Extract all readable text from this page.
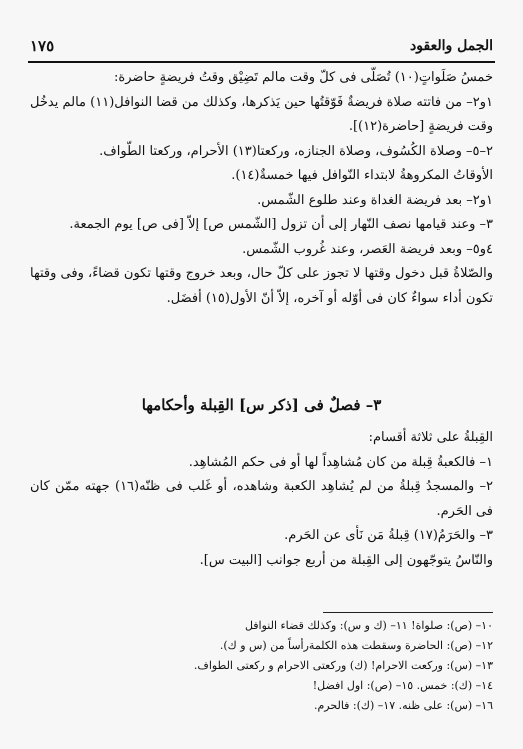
الجمل والعقود
١٧٥

خمسُ صَلَواتٍ(١٠) تُصَلّى فى كلّ وقت مالم تَضِيْق وقتُ فريضةٍ حاضرة:

١و٢– من فاتته صلاة فريضةٌ فَوّقتُها حين يَذكرها، وكذلك من قضا النوافل(١١) مالم يدخُل وقت فريضةٍ [حاضرة(١٢)].

٢–٥– وصلاة الكُسُوف، وصلاة الجنازه، وركعتا(١٣) الأحرام، وركعتا الطّواف.

الأوقاتُ المكروهةُ لابتداء النّوافل فيها خمسةٌ(١٤).

١و٢– بعد فريضة الغداة وعند طلوع الشّمس.

٣– وعند قيامها نصف النّهار إلى أن تزول [الشّمس ص] إلاّ [فى ص] يوم الجمعة.

٤و٥– وبعد فريضة العَصر، وعند غُروب الشّمس.

والصّلاةُ قبل دخول وقتها لا تجوز على كلّ حال، وبعد خروج وقتها تكون قضاءً، وفى وقتها تكون أداء سواءٌ كان فى أوّله أو آخره، إلاّ أنّ الأول(١٥) أفضَل.

٣– فصلٌ فى [ذكر س] القِبلة وأحكامها

القِبلةُ على ثلاثة أقسام:

١– فالكعبةُ قِبلة من كان مُشاهِداً لها أو فى حكم المُشاهِد.

٢– والمسجدُ قِبلةُ من لم يُشاهِد الكعبة وشاهده، أو غَلب فى ظنّه(١٦) جهته ممّن كان فى الحَرم.

٣– والحَرَمُ(١٧) قِبلةُ مَن نَأى عن الحَرم.

والنّاسُ يتوجّهون إلى القِبلة من أربع جوانب [البيت س].

١٠– (ص): صلواة! ١١– (ك و س): وكذلك قضاء النوافل
١٢– (ص): الحاضرة وسقطت هذه الكلمةرأساً من (س و ك).
١٣– (س): وركعت الاحرام! (ك) وركعتى الاحرام و ركعتى الطواف.
١٤– (ك): خمس. ١٥– (ص): اول افضل!
١٦– (س): على ظنه. ١٧– (ك): فالحرم.
